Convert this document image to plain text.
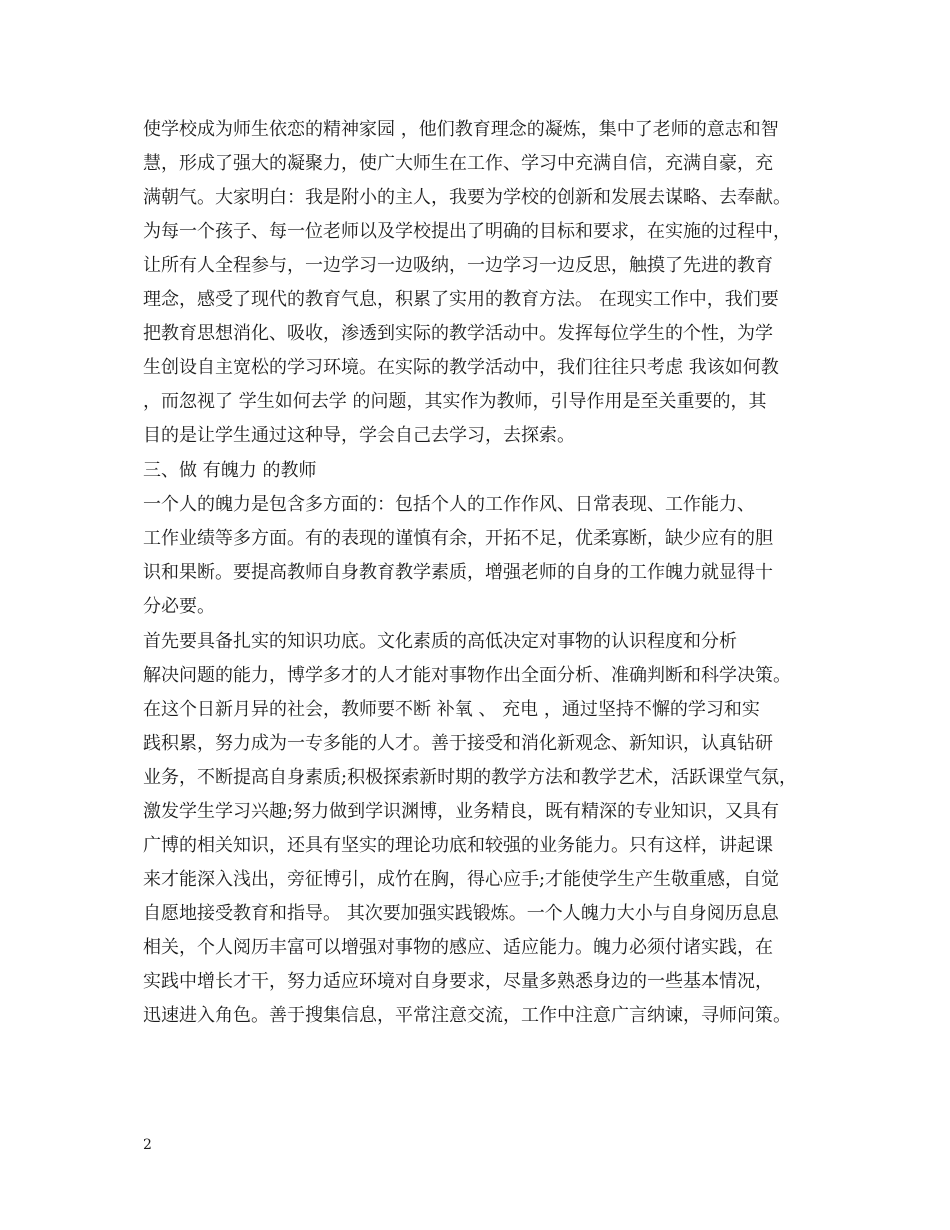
使学校成为师生依恋的精神家园 ，他们教育理念的凝炼，集中了老师的意志和智
慧，形成了强大的凝聚力，使广大师生在工作、学习中充满自信，充满自豪，充
满朝气。大家明白：我是附小的主人，我要为学校的创新和发展去谋略、去奉献。
为每一个孩子、每一位老师以及学校提出了明确的目标和要求，在实施的过程中，
让所有人全程参与，一边学习一边吸纳，一边学习一边反思，触摸了先进的教育
理念，感受了现代的教育气息，积累了实用的教育方法。 在现实工作中，我们要
把教育思想消化、吸收，渗透到实际的教学活动中。发挥每位学生的个性，为学
生创设自主宽松的学习环境。在实际的教学活动中，我们往往只考虑 我该如何教
，而忽视了 学生如何去学 的问题，其实作为教师，引导作用是至关重要的，其
目的是让学生通过这种导，学会自己去学习，去探索。
三、做 有魄力 的教师
一个人的魄力是包含多方面的：包括个人的工作作风、日常表现、工作能力、
工作业绩等多方面。有的表现的谨慎有余，开拓不足，优柔寡断，缺少应有的胆
识和果断。要提高教师自身教育教学素质，增强老师的自身的工作魄力就显得十
分必要。
首先要具备扎实的知识功底。文化素质的高低决定对事物的认识程度和分析
解决问题的能力，博学多才的人才能对事物作出全面分析、准确判断和科学决策。
在这个日新月异的社会，教师要不断 补氧 、 充电 ，通过坚持不懈的学习和实
践积累，努力成为一专多能的人才。善于接受和消化新观念、新知识，认真钻研
业务，不断提高自身素质;积极探索新时期的教学方法和教学艺术，活跃课堂气氛，
激发学生学习兴趣;努力做到学识渊博，业务精良，既有精深的专业知识，又具有
广博的相关知识，还具有坚实的理论功底和较强的业务能力。只有这样，讲起课
来才能深入浅出，旁征博引，成竹在胸，得心应手;才能使学生产生敬重感，自觉
自愿地接受教育和指导。 其次要加强实践锻炼。一个人魄力大小与自身阅历息息
相关，个人阅历丰富可以增强对事物的感应、适应能力。魄力必须付诸实践，在
实践中增长才干，努力适应环境对自身要求，尽量多熟悉身边的一些基本情况，
迅速进入角色。善于搜集信息，平常注意交流，工作中注意广言纳谏，寻师问策。
2
